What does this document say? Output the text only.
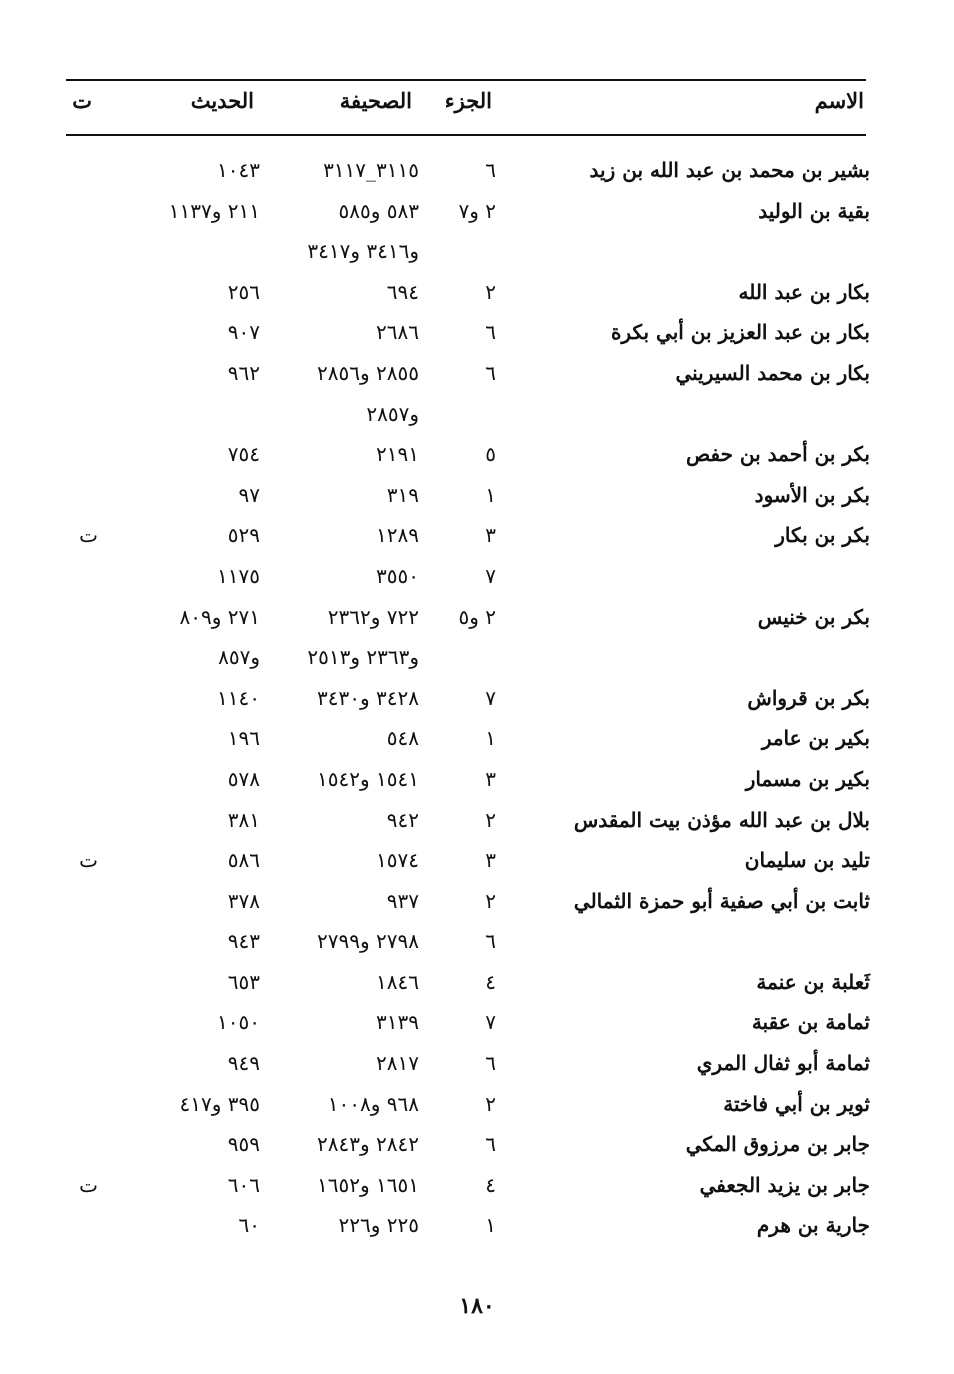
الاسم
الجزء
الصحيفة
الحديث
ت
بشير بن محمد بن عبد الله بن زيد
٦
٣١١٥_٣١١٧
١٠٤٣
بقية بن الوليد
٢ و٧
٥٨٣ و٥٨٥
٢١١ و١١٣٧
و٣٤١٦ و٣٤١٧
بكار بن عبد الله
٢
٦٩٤
٢٥٦
بكار بن عبد العزيز بن أبي بكرة
٦
٢٦٨٦
٩٠٧
بكار بن محمد السيريني
٦
٢٨٥٥ و٢٨٥٦
٩٦٢
و٢٨٥٧
بكر بن أحمد بن حفص
٥
٢١٩١
٧٥٤
بكر بن الأسود
١
٣١٩
٩٧
بكر بن بكار
٣
١٢٨٩
٥٢٩
ت
٧
٣٥٥٠
١١٧٥
بكر بن خنيس
٢ و٥
٧٢٢ و٢٣٦٢
٢٧١ و٨٠٩
و٢٣٦٣ و٢٥١٣
و٨٥٧
بكر بن قرواش
٧
٣٤٢٨ و٣٤٣٠
١١٤٠
بكير بن عامر
١
٥٤٨
١٩٦
بكير بن مسمار
٣
١٥٤١ و١٥٤٢
٥٧٨
بلال بن عبد الله مؤذن بيت المقدس
٢
٩٤٢
٣٨١
تليد بن سليمان
٣
١٥٧٤
٥٨٦
ت
ثابت بن أبي صفية أبو حمزة الثمالي
٢
٩٣٧
٣٧٨
٦
٢٧٩٨ و٢٧٩٩
٩٤٣
ثَعلبة بن عنمة
٤
١٨٤٦
٦٥٣
ثمامة بن عقبة
٧
٣١٣٩
١٠٥٠
ثمامة أبو ثفال المري
٦
٢٨١٧
٩٤٩
ثوير بن أبي فاختة
٢
٩٦٨ و١٠٠٨
٣٩٥ و٤١٧
جابر بن مرزوق المكي
٦
٢٨٤٢ و٢٨٤٣
٩٥٩
جابر بن يزيد الجعفي
٤
١٦٥١ و١٦٥٢
٦٠٦
ت
جارية بن هرم
١
٢٢٥ و٢٢٦
٦٠
١٨٠
